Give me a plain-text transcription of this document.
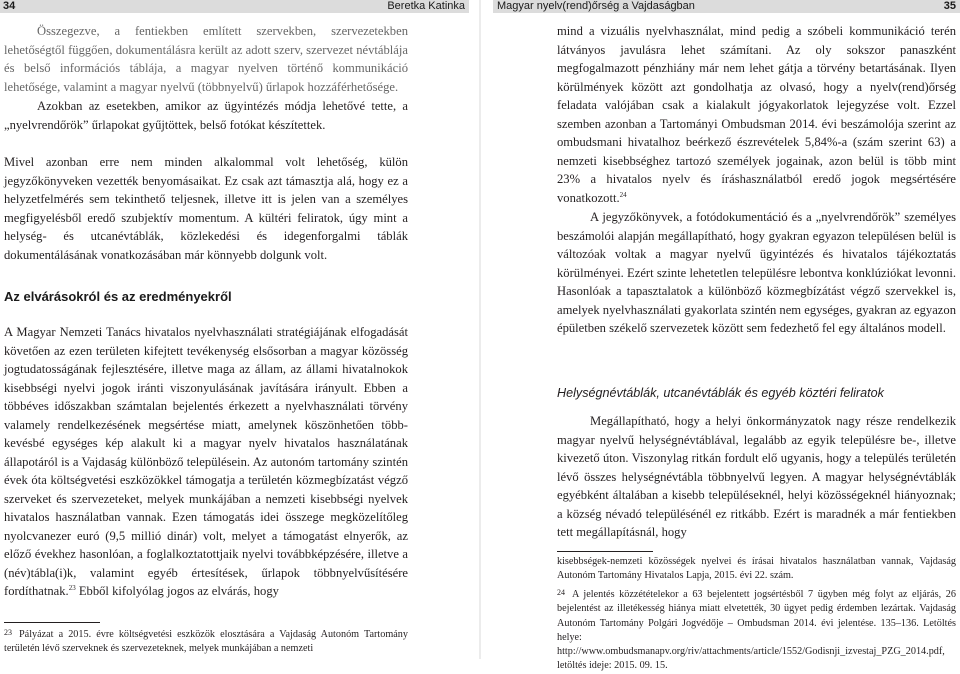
34	Beretka Katinka

Összegezve, a fentiekben említett szervekben, szervezetekben lehetőségtől függően, dokumentálásra került az adott szerv, szervezet névtáblája és belső információs táblája, a magyar nyelven történő kommunikáció lehetősége, valamint a magyar nyelvű (többnyelvű) űrlapok hozzáférhetősége.

Azokban az esetekben, amikor az ügyintézés módja lehetővé tette, a „nyelvrendőrök” űrlapokat gyűjtöttek, belső fotókat készítettek.

Mivel azonban erre nem minden alkalommal volt lehetőség, külön jegyzőkönyveken vezették benyomásaikat. Ez csak azt támasztja alá, hogy ez a helyzetfelmérés sem tekinthető teljesnek, illetve itt is jelen van a személyes megfigyelésből eredő szubjektív momentum. A kültéri feliratok, úgy mint a helység- és utcanévtáblák, közlekedési és idegenforgalmi táblák dokumentálásának vonatkozásában már könnyebb dolgunk volt.

Az elvárásokról és az eredményekről

A Magyar Nemzeti Tanács hivatalos nyelvhasználati stratégiájának elfogadását követően az ezen területen kifejtett tevékenység elsősorban a magyar közösség jogtudatosságának fejlesztésére, illetve maga az állam, az állami hivatalnokok kisebbségi nyelvi jogok iránti viszonyulásának javítására irányult. Ebben a többéves időszakban számtalan bejelentés érkezett a nyelvhasználati törvény valamely rendelkezésének megsértése miatt, amelynek köszönhetően több-kevésbé egységes kép alakult ki a magyar nyelv hivatalos használatának állapotáról is a Vajdaság különböző településein. Az autonóm tartomány szintén évek óta költségvetési eszközökkel támogatja a területén közmegbízatást végző szerveket és szervezeteket, melyek munkájában a nemzeti kisebbségi nyelvek hivatalos használatban vannak. Ezen támogatás idei összege megközelítőleg nyolcvanezer euró (9,5 millió dinár) volt, melyet a támogatást elnyerők, az előző évekhez hasonlóan, a foglalkoztatottjaik nyelvi továbbképzésére, illetve a (név)tábla(i)k, valamint egyéb értesítések, űrlapok többnyelvűsítésére fordíthatnak.$^{23}$ Ebből kifolyólag jogos az elvárás, hogy

23 Pályázat a 2015. évre költségvetési eszközök elosztására a Vajdaság Autonóm Tartomány területén lévő szerveknek és szervezeteknek, melyek munkájában a nemzeti

Magyar nyelv(rend)őrség a Vajdaságban	35

mind a vizuális nyelvhasználat, mind pedig a szóbeli kommunikáció terén látványos javulásra lehet számítani. Az oly sokszor panaszként megfogalmazott pénzhiány már nem lehet gátja a törvény betartásának. Ilyen körülmények között azt gondolhatja az olvasó, hogy a nyelv(rend)őrség feladata valójában csak a kialakult jógyakorlatok lejegyzése volt. Ezzel szemben azonban a Tartományi Ombudsman 2014. évi beszámolója szerint az ombudsmani hivatalhoz beérkező észrevételek 5,84%-a (szám szerint 63) a nemzeti kisebbséghez tartozó személyek jogainak, azon belül is több mint 23% a hivatalos nyelv és íráshasználatból eredő jogok megsértésére vonatkozott.$^{24}$

A jegyzőkönyvek, a fotódokumentáció és a „nyelvrendőrök” személyes beszámolói alapján megállapítható, hogy gyakran egyazon településen belül is változóak voltak a magyar nyelvű ügyintézés és hivatalos tájékoztatás körülményei. Ezért szinte lehetetlen településre lebontva konklúziókat levonni. Hasonlóak a tapasztalatok a különböző közmegbízátást végző szervekkel is, amelyek nyelvhasználati gyakorlata szintén nem egységes, gyakran az egyazon épületben székelő szervezetek között sem fedezhető fel egy általános modell.

Helységnévtáblák, utcanévtáblák és egyéb köztéri feliratok

Megállapítható, hogy a helyi önkormányzatok nagy része rendelkezik magyar nyelvű helységnévtáblával, legalább az egyik településre be-, illetve kivezető úton. Viszonylag ritkán fordult elő ugyanis, hogy a település területén lévő összes helységnévtábla többnyelvű legyen. A magyar helységnévtáblák egyébként általában a kisebb településeknél, helyi közösségeknél hiányoznak; a község névadó településénél ez ritkább. Ezért is maradnék a már fentiekben tett megállapításnál, hogy

kisebbségek-nemzeti közösségek nyelvei és írásai hivatalos használatban vannak, Vajdaság Autonóm Tartomány Hivatalos Lapja, 2015. évi 22. szám.

24 A jelentés közzétételekor a 63 bejelentett jogsértésből 7 ügyben még folyt az eljárás, 26 bejelentést az illetékesség hiánya miatt elvetették, 30 ügyet pedig érdemben lezártak. Vajdaság Autonóm Tartomány Polgári Jogvédője – Ombudsman 2014. évi jelentése. 135–136. Letöltés helye: http://www.ombudsmanapv.org/riv/attachments/article/1552/Godisnji_izvestaj_PZG_2014.pdf, letöltés ideje: 2015. 09. 15.
